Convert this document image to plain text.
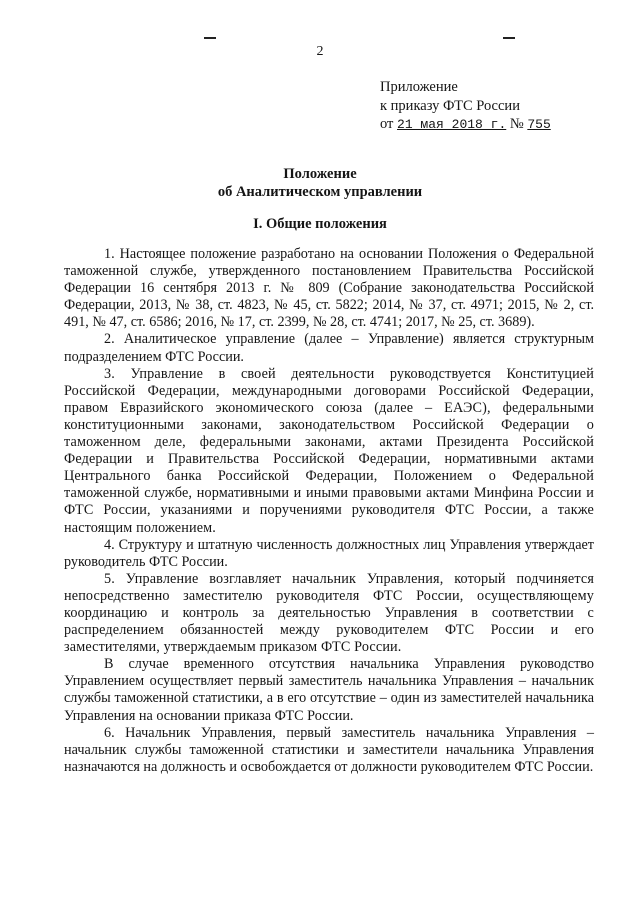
2
Приложение
к приказу ФТС России
от 21 мая 2018 г. № 755
Положение
об Аналитическом управлении
I. Общие положения

1. Настоящее положение разработано на основании Положения о Федеральной таможенной службе, утвержденного постановлением Правительства Российской Федерации 16 сентября 2013 г. № 809 (Собрание законодательства Российской Федерации, 2013, № 38, ст. 4823, № 45, ст. 5822; 2014, № 37, ст. 4971; 2015, № 2, ст. 491, № 47, ст. 6586; 2016, № 17, ст. 2399, № 28, ст. 4741; 2017, № 25, ст. 3689).

2. Аналитическое управление (далее – Управление) является структурным подразделением ФТС России.

3. Управление в своей деятельности руководствуется Конституцией Российской Федерации, международными договорами Российской Федерации, правом Евразийского экономического союза (далее – ЕАЭС), федеральными конституционными законами, законодательством Российской Федерации о таможенном деле, федеральными законами, актами Президента Российской Федерации и Правительства Российской Федерации, нормативными актами Центрального банка Российской Федерации, Положением о Федеральной таможенной службе, нормативными и иными правовыми актами Минфина России и ФТС России, указаниями и поручениями руководителя ФТС России, а также настоящим положением.

4. Структуру и штатную численность должностных лиц Управления утверждает руководитель ФТС России.

5. Управление возглавляет начальник Управления, который подчиняется непосредственно заместителю руководителя ФТС России, осуществляющему координацию и контроль за деятельностью Управления в соответствии с распределением обязанностей между руководителем ФТС России и его заместителями, утверждаемым приказом ФТС России.

В случае временного отсутствия начальника Управления руководство Управлением осуществляет первый заместитель начальника Управления – начальник службы таможенной статистики, а в его отсутствие – один из заместителей начальника Управления на основании приказа ФТС России.

6. Начальник Управления, первый заместитель начальника Управления – начальник службы таможенной статистики и заместители начальника Управления назначаются на должность и освобождается от должности руководителем ФТС России.
